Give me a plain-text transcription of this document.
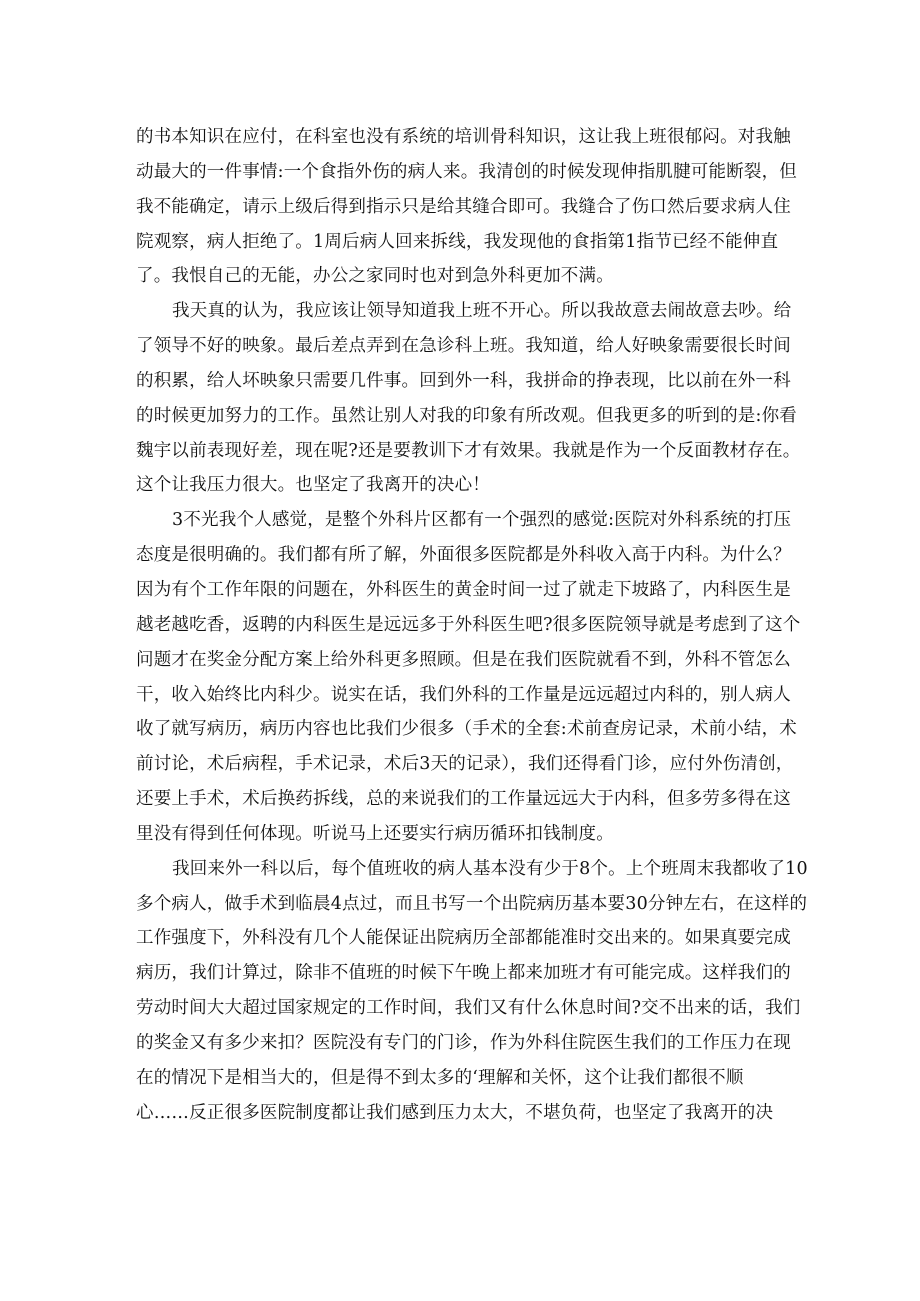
的书本知识在应付，在科室也没有系统的培训骨科知识，这让我上班很郁闷。对我触
动最大的一件事情:一个食指外伤的病人来。我清创的时候发现伸指肌腱可能断裂，但
我不能确定，请示上级后得到指示只是给其缝合即可。我缝合了伤口然后要求病人住
院观察，病人拒绝了。1周后病人回来拆线，我发现他的食指第1指节已经不能伸直
了。我恨自己的无能，办公之家同时也对到急外科更加不满。
我天真的认为，我应该让领导知道我上班不开心。所以我故意去闹故意去吵。给
了领导不好的映象。最后差点弄到在急诊科上班。我知道，给人好映象需要很长时间
的积累，给人坏映象只需要几件事。回到外一科，我拼命的挣表现，比以前在外一科
的时候更加努力的工作。虽然让别人对我的印象有所改观。但我更多的听到的是:你看
魏宇以前表现好差，现在呢?还是要教训下才有效果。我就是作为一个反面教材存在。
这个让我压力很大。也坚定了我离开的决心！
3不光我个人感觉，是整个外科片区都有一个强烈的感觉:医院对外科系统的打压
态度是很明确的。我们都有所了解，外面很多医院都是外科收入高于内科。为什么？
因为有个工作年限的问题在，外科医生的黄金时间一过了就走下坡路了，内科医生是
越老越吃香，返聘的内科医生是远远多于外科医生吧?很多医院领导就是考虑到了这个
问题才在奖金分配方案上给外科更多照顾。但是在我们医院就看不到，外科不管怎么
干，收入始终比内科少。说实在话，我们外科的工作量是远远超过内科的，别人病人
收了就写病历，病历内容也比我们少很多（手术的全套:术前查房记录，术前小结，术
前讨论，术后病程，手术记录，术后3天的记录），我们还得看门诊，应付外伤清创，
还要上手术，术后换药拆线，总的来说我们的工作量远远大于内科，但多劳多得在这
里没有得到任何体现。听说马上还要实行病历循环扣钱制度。
我回来外一科以后，每个值班收的病人基本没有少于8个。上个班周末我都收了10
多个病人，做手术到临晨4点过，而且书写一个出院病历基本要30分钟左右，在这样的
工作强度下，外科没有几个人能保证出院病历全部都能准时交出来的。如果真要完成
病历，我们计算过，除非不值班的时候下午晚上都来加班才有可能完成。这样我们的
劳动时间大大超过国家规定的工作时间，我们又有什么休息时间?交不出来的话，我们
的奖金又有多少来扣？医院没有专门的门诊，作为外科住院医生我们的工作压力在现
在的情况下是相当大的，但是得不到太多的‘理解和关怀，这个让我们都很不顺
心……反正很多医院制度都让我们感到压力太大，不堪负荷，也坚定了我离开的决
